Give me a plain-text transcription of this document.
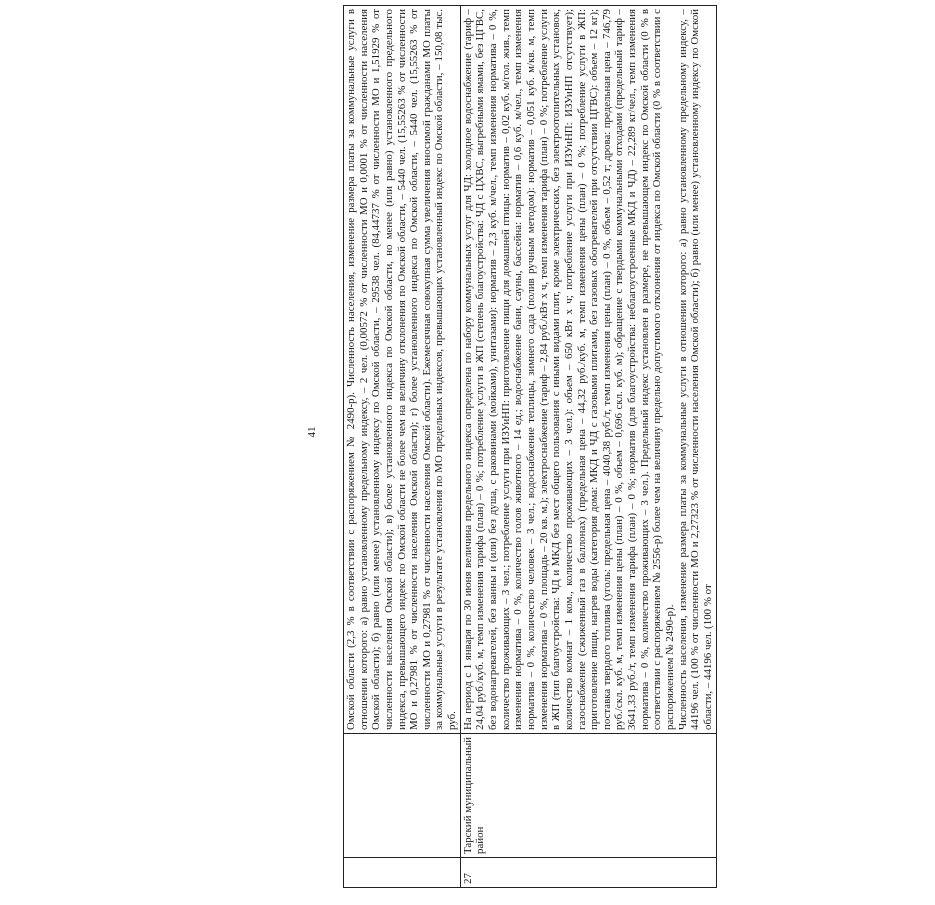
41

		Омской области (2,3 % в соответствии с распоряжением № 2490-р). Численность населения, изменение размера платы за коммунальные услуги в отношении которого: а) равно установленному предельному индексу, – 2 чел. (0,00572 % от численности МО и 0,0001 % от численности населения Омской области); б) равно (или менее) установленному индексу по Омской области, – 29538 чел. (84,44737 % от численности МО и 1,51929 % от численности населения Омской области); в) более установленного индекса по Омской области, но менее (или равно) установленного предельного индекса, превышающего индекс по Омской области не более чем на величину отклонения по Омской области, – 5440 чел. (15,55263 % от численности МО и 0,27981 % от численности населения Омской области); г) более установленного индекса по Омской области, – 5440 чел. (15,55263 % от численности МО и 0,27981 % от численности населения Омской области). Ежемесячная совокупная сумма увеличения вносимой гражданами МО платы за коммунальные услуги в результате установления по МО предельных индексов, превышающих установленный индекс по Омской области, – 150,08 тыс. руб.

27	Тарский муниципальный район	На период с 1 января по 30 июня величина предельного индекса определена по набору коммунальных услуг для ЧД: холодное водоснабжение (тариф – 24,04 руб./куб. м, темп изменения тарифа (план) – 0 %; потребление услуги в ЖП (степень благоустройства: ЧД с ЦХВС, выгребными ямами, без ЦГВС, без водонагревателей, без ванны и (или) без душа, с раковинами (мойками), унитазами): норматив – 2,3 куб. м/чел., темп изменения норматива – 0 %, количество проживающих – 3 чел.; потребление услуги при ИЗУиНП: приготовление пищи для домашней птицы: норматив – 0,02 куб. м/гол. жив., темп изменения норматива – 0 %, количество голов животного – 14 ед.; водоснабжение бани, сауны, бассейна: норматив – 0,6 куб. м/чел., темп изменения норматива – 0 %, количество человек – 3 чел.; водоснабжение теплицы, зимнего сада (полив ручным методом): норматив – 0,051 куб. м/кв. м, темп изменения норматива – 0 %, площадь – 20 кв. м.); электроснабжение (тариф – 2,84 руб./кВт х ч, темп изменения тарифа (план) – 0 %; потребление услуги в ЖП (тип благоустройства: ЧД и МКД без мест общего пользования с иными видами плит, кроме электрических, без электроотопительных установок, количество комнат – 1 ком., количество проживающих – 3 чел.): объем – 650 кВт х ч; потребление услуги при ИЗУиНП: ИЗУиНП отсутствует); газоснабжение (сжиженный газ в баллонах) (предельная цена – 44,32 руб./куб. м, темп изменения цены (план) – 0 %; потребление услуги в ЖП: приготовление пищи, нагрев воды (категория дома: МКД и ЧД с газовыми плитами, без газовых обогревателей при отсутствии ЦГВС): объем – 12 кг); поставка твердого топлива (уголь: предельная цена – 4040,38 руб./т, темп изменения цены (план) – 0 %, объем – 0,52 т; дрова: предельная цена – 746,79 руб./скл. куб. м, темп изменения цены (план) – 0 %, объем – 0,696 скл. куб. м); обращение с твердыми коммунальными отходами (предельный тариф – 3641,33 руб./т, темп изменения тарифа (план) – 0 %; норматив (для благоустройства: неблагоустроенные МКД и ЧД) – 22,289 кг/чел., темп изменения норматива – 0 %, количество проживающих – 3 чел.). Предельный индекс установлен в размере, не превышающем индекс по Омской области (0 % в соответствии с распоряжением № 2556-р) более чем на величину предельно допустимого отклонения от индекса по Омской области (0 % в соответствии с распоряжением № 2490-р). Численность населения, изменение размера платы за коммунальные услуги в отношении которого: а) равно установленному предельному индексу, – 44196 чел. (100 % от численности МО и 2,27323 % от численности населения Омской области); б) равно (или менее) установленному индексу по Омской области, – 44196 чел. (100 % от
